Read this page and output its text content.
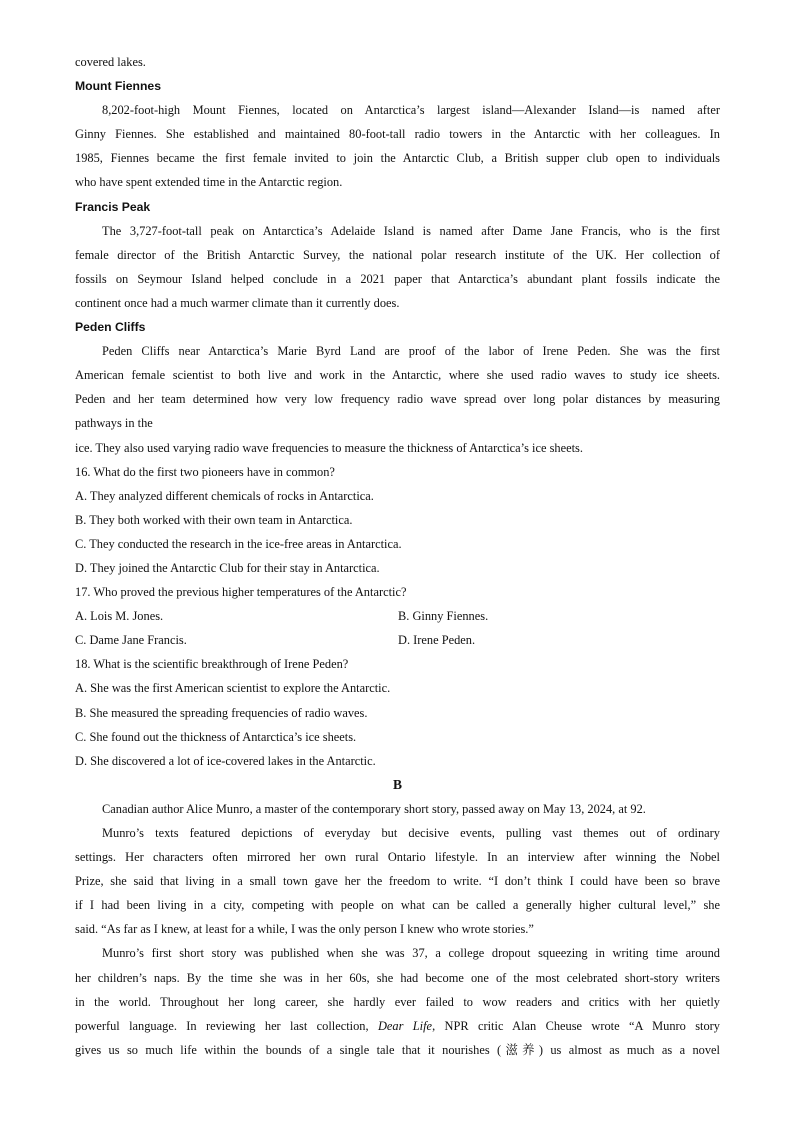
covered lakes.
Mount Fiennes
8,202-foot-high Mount Fiennes, located on Antarctica’s largest island—Alexander Island—is named after
Ginny Fiennes. She established and maintained 80-foot-tall radio towers in the Antarctic with her colleagues. In
1985, Fiennes became the first female invited to join the Antarctic Club, a British supper club open to individuals
who have spent extended time in the Antarctic region.
Francis Peak
The 3,727-foot-tall peak on Antarctica’s Adelaide Island is named after Dame Jane Francis, who is the first
female director of the British Antarctic Survey, the national polar research institute of the UK. Her collection of
fossils on Seymour Island helped conclude in a 2021 paper that Antarctica’s abundant plant fossils indicate the
continent once had a much warmer climate than it currently does.
Peden Cliffs
Peden Cliffs near Antarctica’s Marie Byrd Land are proof of the labor of Irene Peden. She was the first
American female scientist to both live and work in the Antarctic, where she used radio waves to study ice sheets.
Peden and her team determined how very low frequency radio wave spread over long polar distances by measuring
pathways in the
ice. They also used varying radio wave frequencies to measure the thickness of Antarctica’s ice sheets.
16. What do the first two pioneers have in common?
A. They analyzed different chemicals of rocks in Antarctica.
B. They both worked with their own team in Antarctica.
C. They conducted the research in the ice-free areas in Antarctica.
D. They joined the Antarctic Club for their stay in Antarctica.
17. Who proved the previous higher temperatures of the Antarctic?
A. Lois M. Jones.	B. Ginny Fiennes.
C. Dame Jane Francis.	D. Irene Peden.
18. What is the scientific breakthrough of Irene Peden?
A. She was the first American scientist to explore the Antarctic.
B. She measured the spreading frequencies of radio waves.
C. She found out the thickness of Antarctica’s ice sheets.
D. She discovered a lot of ice-covered lakes in the Antarctic.
B
Canadian author Alice Munro, a master of the contemporary short story, passed away on May 13, 2024, at 92.
Munro’s texts featured depictions of everyday but decisive events, pulling vast themes out of ordinary
settings. Her characters often mirrored her own rural Ontario lifestyle. In an interview after winning the Nobel
Prize, she said that living in a small town gave her the freedom to write. “I don’t think I could have been so brave
if I had been living in a city, competing with people on what can be called a generally higher cultural level,” she
said. “As far as I knew, at least for a while, I was the only person I knew who wrote stories.”
Munro’s first short story was published when she was 37, a college dropout squeezing in writing time around
her children’s naps. By the time she was in her 60s, she had become one of the most celebrated short-story writers
in the world. Throughout her long career, she hardly ever failed to wow readers and critics with her quietly
powerful language. In reviewing her last collection, Dear Life, NPR critic Alan Cheuse wrote “A Munro story
gives us so much life within the bounds of a single tale that it nourishes (滋养) us almost as much as a novel
